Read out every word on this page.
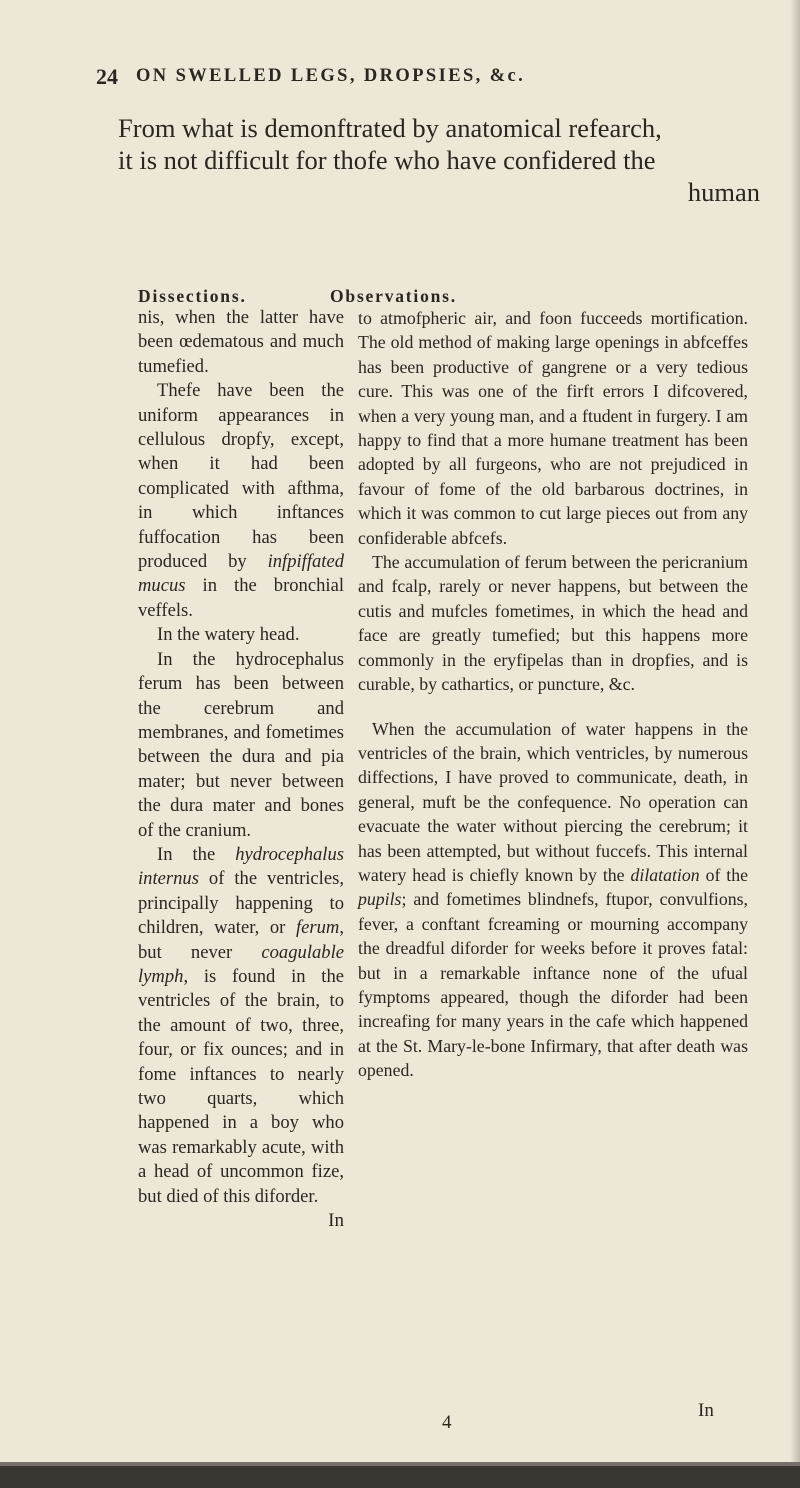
24 ON SWELLED LEGS, DROPSIES, &c.
From what is demonftrated by anatomical refearch,
it is not difficult for thofe who have confidered the
human
Dissections.	Observations.

nis, when the latter have been œdematous and much tumefied.

Thefe have been the uniform appearances in cellulous dropfy, except, when it had been complicated with afthma, in which inftances fuffocation has been produced by infpiffated mucus in the bronchial veffels.

In the watery head.

In the hydrocephalus ferum has been between the cerebrum and membranes, and fometimes between the dura and pia mater; but never between the dura mater and bones of the cranium.

In the hydrocephalus internus of the ventricles, principally happening to children, water, or ferum, but never coagulable lymph, is found in the ventricles of the brain, to the amount of two, three, four, or fix ounces; and in fome inftances to nearly two quarts, which happened in a boy who was remarkably acute, with a head of uncommon fize, but died of this diforder.

In

to atmofpheric air, and foon fucceeds mortification. The old method of making large openings in abfceffes has been productive of gangrene or a very tedious cure. This was one of the firft errors I difcovered, when a very young man, and a ftudent in furgery. I am happy to find that a more humane treatment has been adopted by all furgeons, who are not prejudiced in favour of fome of the old barbarous doctrines, in which it was common to cut large pieces out from any confiderable abfcefs.

The accumulation of ferum between the pericranium and fcalp, rarely or never happens, but between the cutis and mufcles fometimes, in which the head and face are greatly tumefied; but this happens more commonly in the eryfipelas than in dropfies, and is curable, by cathartics, or puncture, &c.

When the accumulation of water happens in the ventricles of the brain, which ventricles, by numerous diffections, I have proved to communicate, death, in general, muft be the confequence. No operation can evacuate the water without piercing the cerebrum; it has been attempted, but without fuccefs. This internal watery head is chiefly known by the dilatation of the pupils; and fometimes blindnefs, ftupor, convulfions, fever, a conftant fcreaming or mourning accompany the dreadful diforder for weeks before it proves fatal: but in a remarkable inftance none of the ufual fymptoms appeared, though the diforder had been increafing for many years in the cafe which happened at the St. Mary-le-bone Infirmary, that after death was opened.

4
In
